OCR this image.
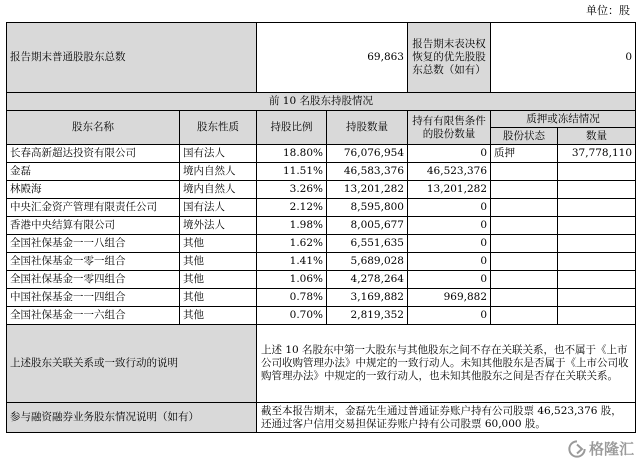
单位：股
报告期末普通股股东总数		69,863		报告期末表决权恢复的优先股股东总数（如有）	0	
前 10 名股东持股情况						
股东名称	股东性质	持股比例	持股数量	持有有限售条件的股份数量	质押或冻结情况	
					股份状态	数量
长春高新超达投资有限公司	国有法人	18.80%	76,076,954	0	质押	37,778,110
金磊	境内自然人	11.51%	46,583,376	46,523,376		
林殿海	境内自然人	3.26%	13,201,282	13,201,282		
中央汇金资产管理有限责任公司	国有法人	2.12%	8,595,800	0		
香港中央结算有限公司	境外法人	1.98%	8,005,677	0		
全国社保基金一一八组合	其他	1.62%	6,551,635	0		
全国社保基金一零一组合	其他	1.41%	5,689,028	0		
全国社保基金一零四组合	其他	1.06%	4,278,264	0		
中国社保基金一一四组合	其他	0.78%	3,169,882	969,882		
全国社保基金一一六组合	其他	0.70%	2,819,352	0		
上述股东关联关系或一致行动的说明		上述 10 名股东中第一大股东与其他股东之间不存在关联关系，也不属于《上市公司收购管理办法》中规定的一致行动人。未知其他股东是否属于《上市公司收购管理办法》中规定的一致行动人，也未知其他股东之间是否存在关联关系。				
参与融资融券业务股东情况说明（如有）		截至本报告期末，金磊先生通过普通证券账户持有公司股票 46,523,376 股，还通过客户信用交易担保证券账户持有公司股票 60,000 股。				
格隆汇
